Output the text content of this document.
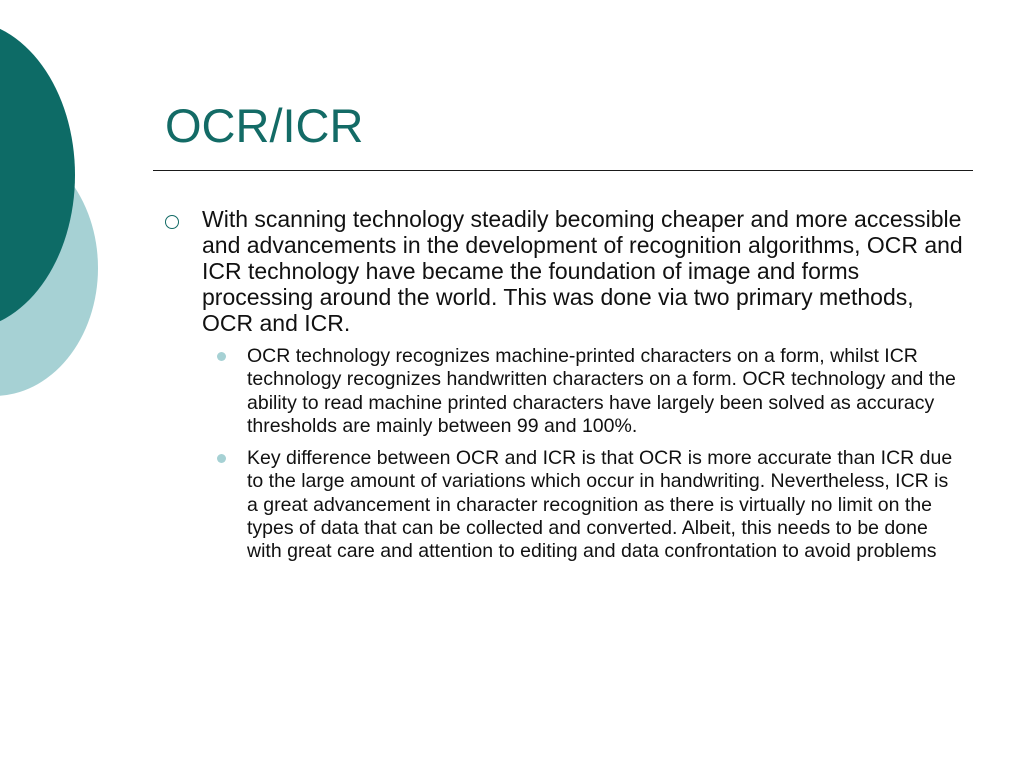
OCR/ICR
With scanning technology steadily becoming cheaper and more accessible and advancements in the development of recognition algorithms, OCR and ICR technology have became the foundation of image and forms processing around the world. This was done via two primary methods, OCR and ICR.
OCR technology recognizes machine-printed characters on a form, whilst ICR technology recognizes handwritten characters on a form. OCR technology and the ability to read machine printed characters have largely been solved as accuracy thresholds are mainly between 99 and 100%.
Key difference between OCR and ICR is that OCR is more accurate than ICR due to the large amount of variations which occur in handwriting. Nevertheless, ICR is a great advancement in character recognition as there is virtually no limit on the types of data that can be collected and converted. Albeit, this needs to be done with great care and attention to editing and data confrontation to avoid problems
